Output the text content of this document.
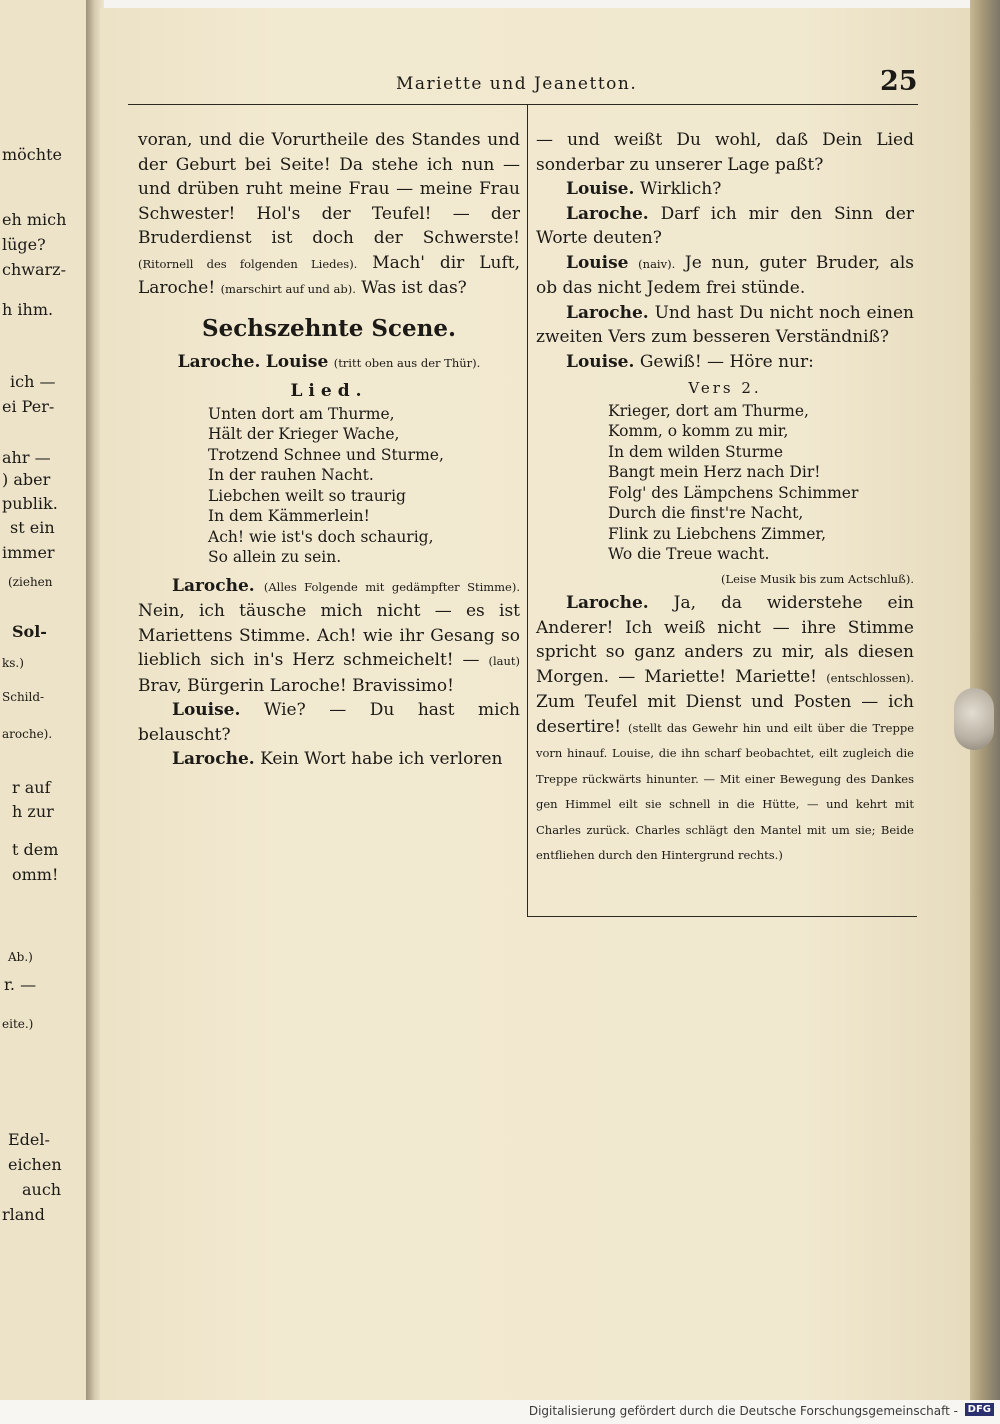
möchte
eh mich
lüge?
chwarz-
h ihm.
ich —
ei Per-
ahr —
) aber
publik.
st ein
immer
(ziehen
Sol-
ks.)
Schild-
aroche).
r auf
h zur
t dem
omm!
Ab.)
r. —
eite.)
Edel-
eichen
auch
rland
Mariette und Jeanetton.	25

voran, und die Vorurtheile des Standes und der Geburt bei Seite! Da stehe ich nun — und drüben ruht meine Frau — meine Frau Schwester! Hol's der Teufel! — der Bruderdienst ist doch der Schwerste! (Ritornell des folgenden Liedes). Mach' dir Luft, Laroche! (marschirt auf und ab). Was ist das?

Sechszehnte Scene.

Laroche. Louise (tritt oben aus der Thür).

Lied.
Unten dort am Thurme,
Hält der Krieger Wache,
Trotzend Schnee und Sturme,
In der rauhen Nacht.
Liebchen weilt so traurig
In dem Kämmerlein!
Ach! wie ist's doch schaurig,
So allein zu sein.

Laroche. (Alles Folgende mit gedämpfter Stimme). Nein, ich täusche mich nicht — es ist Mariettens Stimme. Ach! wie ihr Gesang so lieblich sich in's Herz schmeichelt! — (laut) Brav, Bürgerin Laroche! Bravissimo!

Louise. Wie? — Du hast mich belauscht?

Laroche. Kein Wort habe ich verloren

— und weißt Du wohl, daß Dein Lied sonderbar zu unserer Lage paßt?

Louise. Wirklich?

Laroche. Darf ich mir den Sinn der Worte deuten?

Louise (naiv). Je nun, guter Bruder, als ob das nicht Jedem frei stünde.

Laroche. Und hast Du nicht noch einen zweiten Vers zum besseren Verständniß?

Louise. Gewiß! — Höre nur:

Vers 2.
Krieger, dort am Thurme,
Komm, o komm zu mir,
In dem wilden Sturme
Bangt mein Herz nach Dir!
Folg' des Lämpchens Schimmer
Durch die finst're Nacht,
Flink zu Liebchens Zimmer,
Wo die Treue wacht.
(Leise Musik bis zum Actschluß).

Laroche. Ja, da widerstehe ein Anderer! Ich weiß nicht — ihre Stimme spricht so ganz anders zu mir, als diesen Morgen. — Mariette! Mariette! (entschlossen). Zum Teufel mit Dienst und Posten — ich desertire! (stellt das Gewehr hin und eilt über die Treppe vorn hinauf. Louise, die ihn scharf beobachtet, eilt zugleich die Treppe rückwärts hinunter. — Mit einer Bewegung des Dankes gen Himmel eilt sie schnell in die Hütte, — und kehrt mit Charles zurück. Charles schlägt den Mantel mit um sie; Beide entfliehen durch den Hintergrund rechts.)

Digitalisierung gefördert durch die Deutsche Forschungsgemeinschaft - DFG
